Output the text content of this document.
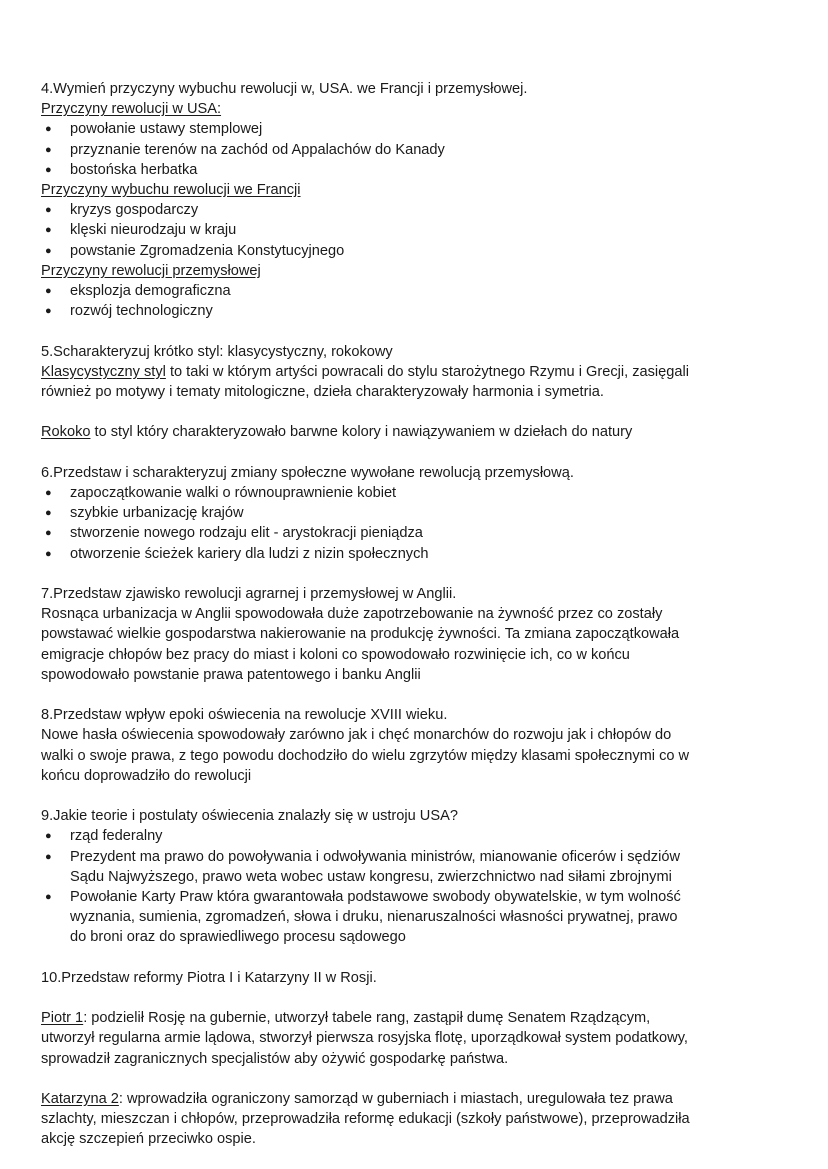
4.Wymień przyczyny wybuchu rewolucji w, USA. we Francji i przemysłowej.
Przyczyny rewolucji w USA:
● powołanie ustawy stemplowej
● przyznanie terenów na zachód od Appalachów do Kanady
● bostońska herbatka
Przyczyny wybuchu rewolucji we Francji
● kryzys gospodarczy
● klęski nieurodzaju w kraju
● powstanie Zgromadzenia Konstytucyjnego
Przyczyny rewolucji przemysłowej
● eksplozja demograficzna
● rozwój technologiczny
5.Scharakteryzuj krótko styl: klasycystyczny, rokokowy
Klasycystyczny styl to taki w którym artyści powracali do stylu starożytnego Rzymu i Grecji, zasięgali
również po motywy i tematy mitologiczne, dzieła charakteryzowały harmonia i symetria.
Rokoko to styl który charakteryzowało barwne kolory i nawiązywaniem w dziełach do natury
6.Przedstaw i scharakteryzuj zmiany społeczne wywołane rewolucją przemysłową.
● zapoczątkowanie walki o równouprawnienie kobiet
● szybkie urbanizację krajów
● stworzenie nowego rodzaju elit - arystokracji pieniądza
● otworzenie ścieżek kariery dla ludzi z nizin społecznych
7.Przedstaw zjawisko rewolucji agrarnej i przemysłowej w Anglii.
Rosnąca urbanizacja w Anglii spowodowała duże zapotrzebowanie na żywność przez co zostały
powstawać wielkie gospodarstwa nakierowanie na produkcję żywności. Ta zmiana zapoczątkowała
emigracje chłopów bez pracy do miast i koloni co spowodowało rozwinięcie ich, co w końcu
spowodowało powstanie prawa patentowego i banku Anglii
8.Przedstaw wpływ epoki oświecenia na rewolucje XVIII wieku.
Nowe hasła oświecenia spowodowały zarówno jak i chęć monarchów do rozwoju jak i chłopów do
walki o swoje prawa, z tego powodu dochodziło do wielu zgrzytów między klasami społecznymi co w
końcu doprowadziło do rewolucji
9.Jakie teorie i postulaty oświecenia znalazły się w ustroju USA?
● rząd federalny
● Prezydent ma prawo do powoływania i odwoływania ministrów, mianowanie oficerów i sędziów
Sądu Najwyższego, prawo weta wobec ustaw kongresu, zwierzchnictwo nad siłami zbrojnymi
● Powołanie Karty Praw która gwarantowała podstawowe swobody obywatelskie, w tym wolność
wyznania, sumienia, zgromadzeń, słowa i druku, nienaruszalności własności prywatnej, prawo
do broni oraz do sprawiedliwego procesu sądowego
10.Przedstaw reformy Piotra I i Katarzyny II w Rosji.
Piotr 1: podzielił Rosję na gubernie, utworzył tabele rang, zastąpił dumę Senatem Rządzącym,
utworzył regularna armie lądowa, stworzył pierwsza rosyjska flotę, uporządkował system podatkowy,
sprowadził zagranicznych specjalistów aby ożywić gospodarkę państwa.
Katarzyna 2: wprowadziła ograniczony samorząd w guberniach i miastach, uregulowała tez prawa
szlachty, mieszczan i chłopów, przeprowadziła reformę edukacji (szkoły państwowe), przeprowadziła
akcję szczepień przeciwko ospie.
